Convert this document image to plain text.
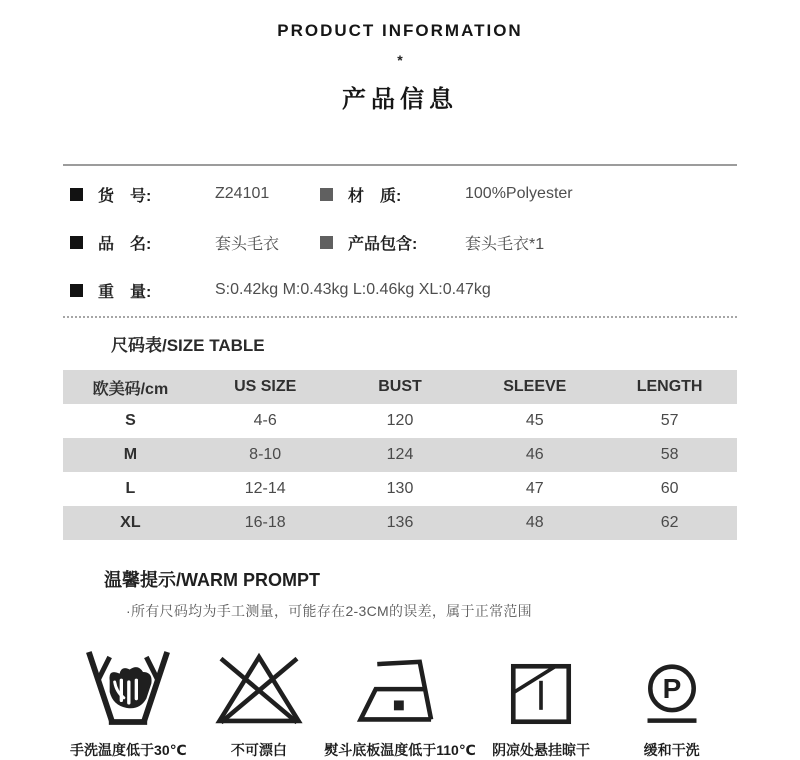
PRODUCT INFORMATION
*
产品信息
货　号:	Z24101	材　质:	100%Polyester
品　名:	套头毛衣	产品包含:	套头毛衣*1
重　量:	S:0.42kg M:0.43kg L:0.46kg XL:0.47kg
尺码表/SIZE TABLE
欧美码/cm	US SIZE	BUST	SLEEVE	LENGTH
S	4-6	120	45	57
M	8-10	124	46	58
L	12-14	130	47	60
XL	16-18	136	48	62
温馨提示/WARM PROMPT
·所有尺码均为手工测量，可能存在2-3CM的误差，属于正常范围
手洗温度低于30℃	不可漂白	熨斗底板温度低于110℃ 阴凉处悬挂晾干
P
缓和干洗
